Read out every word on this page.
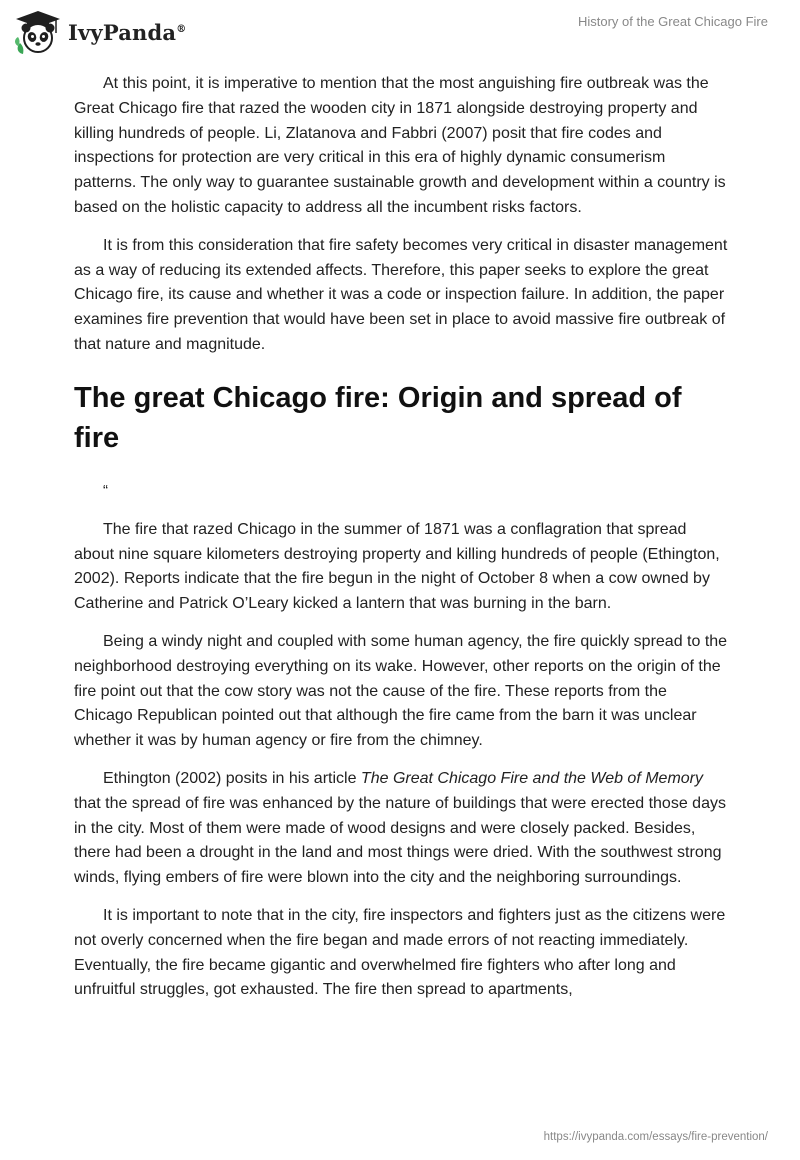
IvyPanda®	History of the Great Chicago Fire

At this point, it is imperative to mention that the most anguishing fire outbreak was the Great Chicago fire that razed the wooden city in 1871 alongside destroying property and killing hundreds of people. Li, Zlatanova and Fabbri (2007) posit that fire codes and inspections for protection are very critical in this era of highly dynamic consumerism patterns. The only way to guarantee sustainable growth and development within a country is based on the holistic capacity to address all the incumbent risks factors.

It is from this consideration that fire safety becomes very critical in disaster management as a way of reducing its extended affects. Therefore, this paper seeks to explore the great Chicago fire, its cause and whether it was a code or inspection failure. In addition, the paper examines fire prevention that would have been set in place to avoid massive fire outbreak of that nature and magnitude.

The great Chicago fire: Origin and spread of fire
“

The fire that razed Chicago in the summer of 1871 was a conflagration that spread about nine square kilometers destroying property and killing hundreds of people (Ethington, 2002). Reports indicate that the fire begun in the night of October 8 when a cow owned by Catherine and Patrick O’Leary kicked a lantern that was burning in the barn.

Being a windy night and coupled with some human agency, the fire quickly spread to the neighborhood destroying everything on its wake. However, other reports on the origin of the fire point out that the cow story was not the cause of the fire. These reports from the Chicago Republican pointed out that although the fire came from the barn it was unclear whether it was by human agency or fire from the chimney.

Ethington (2002) posits in his article The Great Chicago Fire and the Web of Memory that the spread of fire was enhanced by the nature of buildings that were erected those days in the city. Most of them were made of wood designs and were closely packed. Besides, there had been a drought in the land and most things were dried. With the southwest strong winds, flying embers of fire were blown into the city and the neighboring surroundings.

It is important to note that in the city, fire inspectors and fighters just as the citizens were not overly concerned when the fire began and made errors of not reacting immediately. Eventually, the fire became gigantic and overwhelmed fire fighters who after long and unfruitful struggles, got exhausted. The fire then spread to apartments,

https://ivypanda.com/essays/fire-prevention/
